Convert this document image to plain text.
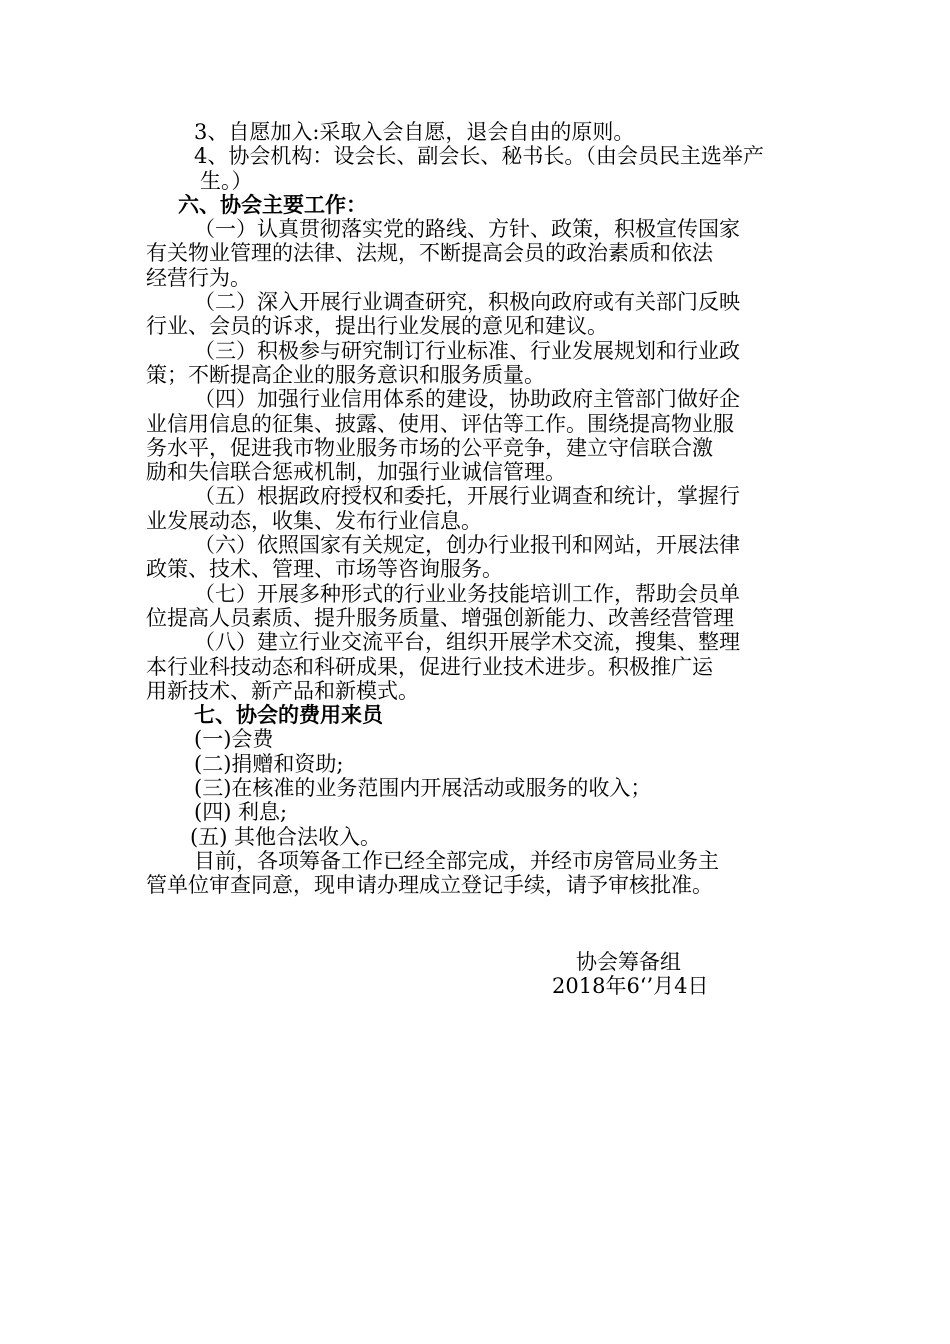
3、自愿加入:采取入会自愿，退会自由的原则。

4、协会机构：设会长、副会长、秘书长。（由会员民主选举产

生。）

六、协会主要工作：

（一）认真贯彻落实党的路线、方针、政策，积极宣传国家

有关物业管理的法律、法规，不断提高会员的政治素质和依法

经营行为。

（二）深入开展行业调查研究，积极向政府或有关部门反映

行业、会员的诉求，提出行业发展的意见和建议。

（三）积极参与研究制订行业标准、行业发展规划和行业政

策；不断提高企业的服务意识和服务质量。

（四）加强行业信用体系的建设，协助政府主管部门做好企

业信用信息的征集、披露、使用、评估等工作。围绕提高物业服

务水平，促进我市物业服务市场的公平竞争，建立守信联合激

励和失信联合惩戒机制，加强行业诚信管理。

（五）根据政府授权和委托，开展行业调查和统计，掌握行

业发展动态，收集、发布行业信息。

（六）依照国家有关规定，创办行业报刊和网站，开展法律

政策、技术、管理、市场等咨询服务。

（七）开展多种形式的行业业务技能培训工作，帮助会员单

位提高人员素质、提升服务质量、增强创新能力、改善经营管理

（八）建立行业交流平台，组织开展学术交流，搜集、整理

本行业科技动态和科研成果，促进行业技术进步。积极推广运

用新技术、新产品和新模式。

七、协会的费用来员

(一)会费

(二)捐赠和资助;

(三)在核准的业务范围内开展活动或服务的收入；

(四) 利息;

(五) 其他合法收入。

目前，各项筹备工作已经全部完成，并经市房管局业务主

管单位审查同意，现申请办理成立登记手续，请予审核批准。

协会筹备组
2018年6‘’月4日
